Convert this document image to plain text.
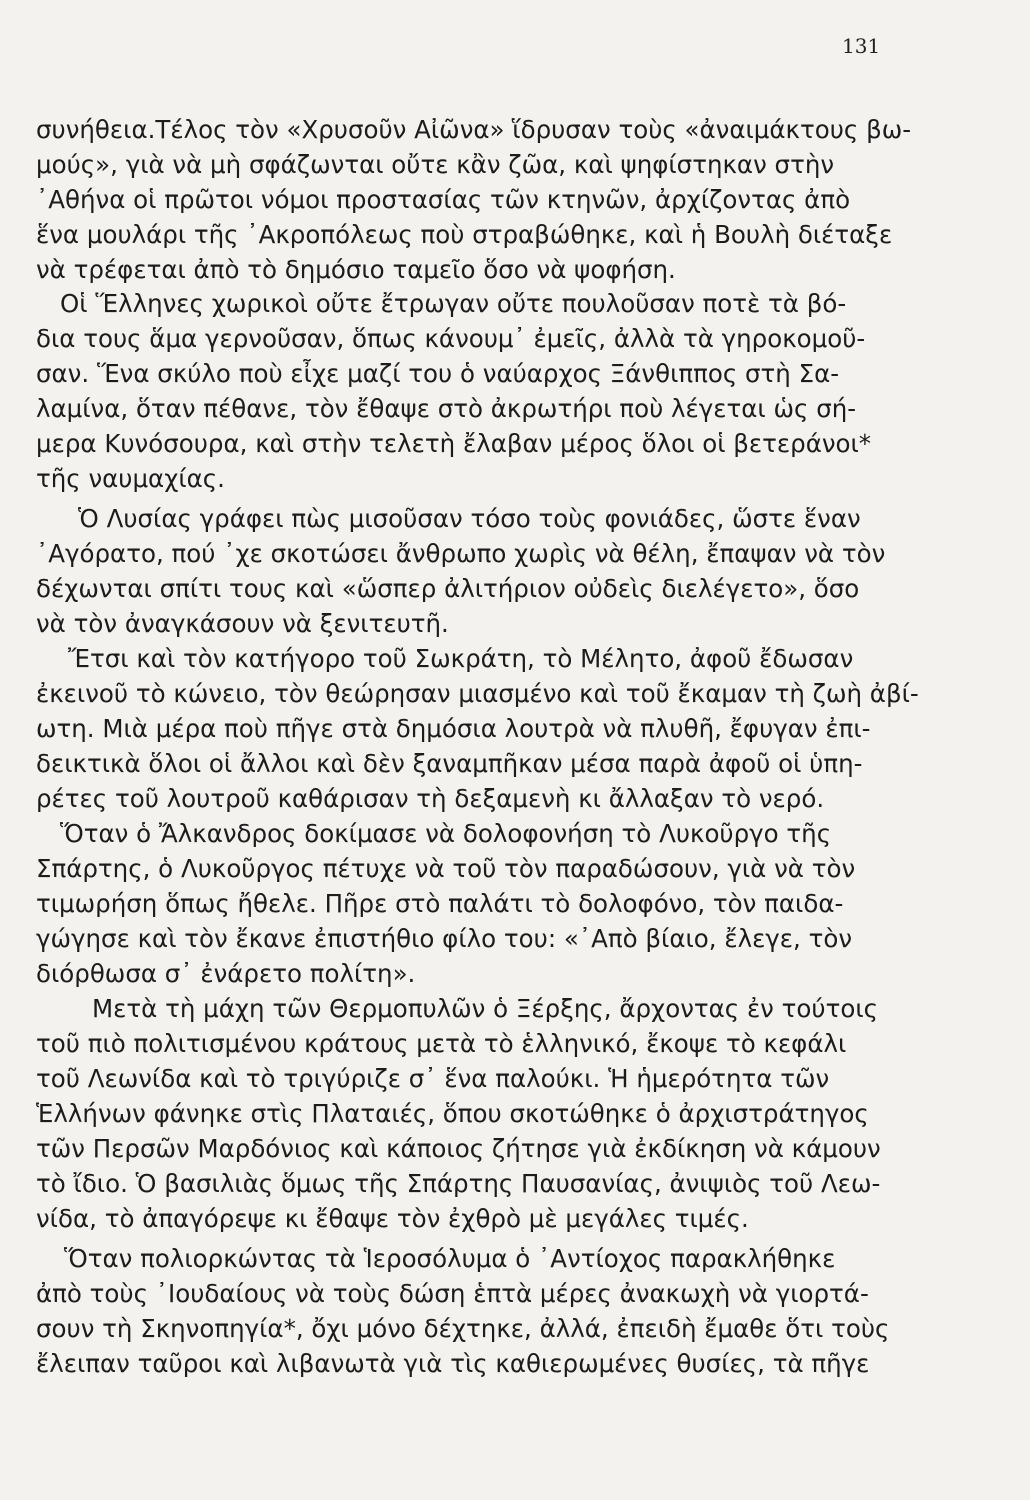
131
συνήθεια.Τέλος τὸν «Χρυσοῦν Αἰῶνα» ἵδρυσαν τοὺς «ἀναιμάκτους βω-
μούς», γιὰ νὰ μὴ σφάζωνται οὔτε κἂν ζῶα, καὶ ψηφίστηκαν στὴν
᾿Αθήνα οἱ πρῶτοι νόμοι προστασίας τῶν κτηνῶν, ἀρχίζοντας ἀπὸ
ἕνα μουλάρι τῆς ᾿Ακροπόλεως ποὺ στραβώθηκε, καὶ ἡ Βουλὴ διέταξε
νὰ τρέφεται ἀπὸ τὸ δημόσιο ταμεῖο ὅσο νὰ ψοφήση.
Οἱ Ἕλληνες χωρικοὶ οὔτε ἔτρωγαν οὔτε πουλοῦσαν ποτὲ τὰ βό-
δια τους ἅμα γερνοῦσαν, ὅπως κάνουμ᾿ ἐμεῖς, ἀλλὰ τὰ γηροκομοῦ-
σαν. Ἕνα σκύλο ποὺ εἶχε μαζί του ὁ ναύαρχος Ξάνθιππος στὴ Σα-
λαμίνα, ὅταν πέθανε, τὸν ἔθαψε στὸ ἀκρωτήρι ποὺ λέγεται ὡς σή-
μερα Κυνόσουρα, καὶ στὴν τελετὴ ἔλαβαν μέρος ὅλοι οἱ βετεράνοι*
τῆς ναυμαχίας.
Ὁ Λυσίας γράφει πὼς μισοῦσαν τόσο τοὺς φονιάδες, ὥστε ἕναν
᾿Αγόρατο, πού ᾿χε σκοτώσει ἄνθρωπο χωρὶς νὰ θέλη, ἔπαψαν νὰ τὸν
δέχωνται σπίτι τους καὶ «ὥσπερ ἀλιτήριον οὐδεὶς διελέγετο», ὅσο
νὰ τὸν ἀναγκάσουν νὰ ξενιτευτῆ.
Ἔτσι καὶ τὸν κατήγορο τοῦ Σωκράτη, τὸ Μέλητο, ἀφοῦ ἔδωσαν
ἐκεινοῦ τὸ κώνειο, τὸν θεώρησαν μιασμένο καὶ τοῦ ἔκαμαν τὴ ζωὴ ἀβί-
ωτη. Μιὰ μέρα ποὺ πῆγε στὰ δημόσια λουτρὰ νὰ πλυθῆ, ἔφυγαν ἐπι-
δεικτικὰ ὅλοι οἱ ἄλλοι καὶ δὲν ξαναμπῆκαν μέσα παρὰ ἀφοῦ οἱ ὑπη-
ρέτες τοῦ λουτροῦ καθάρισαν τὴ δεξαμενὴ κι ἄλλαξαν τὸ νερό.
Ὅταν ὁ Ἄλκανδρος δοκίμασε νὰ δολοφονήση τὸ Λυκοῦργο τῆς
Σπάρτης, ὁ Λυκοῦργος πέτυχε νὰ τοῦ τὸν παραδώσουν, γιὰ νὰ τὸν
τιμωρήση ὅπως ἤθελε. Πῆρε στὸ παλάτι τὸ δολοφόνο, τὸν παιδα-
γώγησε καὶ τὸν ἔκανε ἐπιστήθιο φίλο του: «᾿Απὸ βίαιο, ἔλεγε, τὸν
διόρθωσα σ᾿ ἐνάρετο πολίτη».
Μετὰ τὴ μάχη τῶν Θερμοπυλῶν ὁ Ξέρξης, ἄρχοντας ἐν τούτοις
τοῦ πιὸ πολιτισμένου κράτους μετὰ τὸ ἑλληνικό, ἔκοψε τὸ κεφάλι
τοῦ Λεωνίδα καὶ τὸ τριγύριζε σ᾿ ἕνα παλούκι. Ἡ ἡμερότητα τῶν
Ἑλλήνων φάνηκε στὶς Πλαταιές, ὅπου σκοτώθηκε ὁ ἀρχιστράτηγος
τῶν Περσῶν Μαρδόνιος καὶ κάποιος ζήτησε γιὰ ἐκδίκηση νὰ κάμουν
τὸ ἴδιο. Ὁ βασιλιὰς ὅμως τῆς Σπάρτης Παυσανίας, ἀνιψιὸς τοῦ Λεω-
νίδα, τὸ ἀπαγόρεψε κι ἔθαψε τὸν ἐχθρὸ μὲ μεγάλες τιμές.
Ὅταν πολιορκώντας τὰ Ἱεροσόλυμα ὁ ᾿Αντίοχος παρακλήθηκε
ἀπὸ τοὺς ᾿Ιουδαίους νὰ τοὺς δώση ἑπτὰ μέρες ἀνακωχὴ νὰ γιορτά-
σουν τὴ Σκηνοπηγία*, ὄχι μόνο δέχτηκε, ἀλλά, ἐπειδὴ ἔμαθε ὅτι τοὺς
ἔλειπαν ταῦροι καὶ λιβανωτὰ γιὰ τὶς καθιερωμένες θυσίες, τὰ πῆγε
